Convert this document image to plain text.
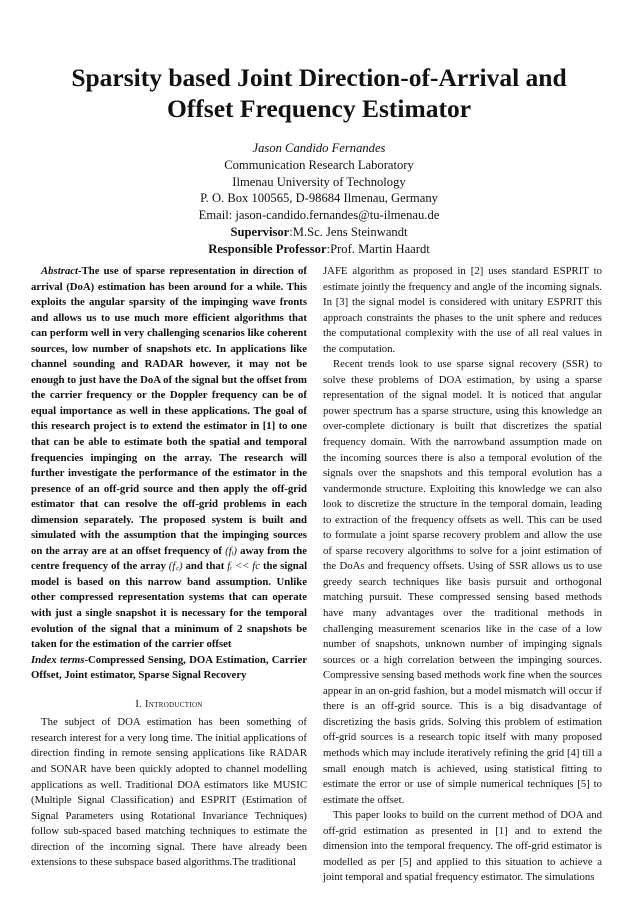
Sparsity based Joint Direction-of-Arrival and Offset Frequency Estimator
Jason Candido Fernandes
Communication Research Laboratory
Ilmenau University of Technology
P. O. Box 100565, D-98684 Ilmenau, Germany
Email: jason-candido.fernandes@tu-ilmenau.de
Supervisor:M.Sc. Jens Steinwandt
Responsible Professor:Prof. Martin Haardt

Abstract-The use of sparse representation in direction of arrival (DoA) estimation has been around for a while. This exploits the angular sparsity of the impinging wave fronts and allows us to use much more efficient algorithms that can perform well in very challenging scenarios like coherent sources, low number of snapshots etc. In applications like channel sounding and RADAR however, it may not be enough to just have the DoA of the signal but the offset from the carrier frequency or the Doppler frequency can be of equal importance as well in these applications. The goal of this research project is to extend the estimator in [1] to one that can be able to estimate both the spatial and temporal frequencies impinging on the array. The research will further investigate the performance of the estimator in the presence of an off-grid source and then apply the off-grid estimator that can resolve the off-grid problems in each dimension separately. The proposed system is built and simulated with the assumption that the impinging sources on the array are at an offset frequency of (fᵢ) away from the centre frequency of the array (f꜀) and that fᵢ << fc the signal model is based on this narrow band assumption. Unlike other compressed representation systems that can operate with just a single snapshot it is necessary for the temporal evolution of the signal that a minimum of 2 snapshots be taken for the estimation of the carrier offset

Index terms-Compressed Sensing, DOA Estimation, Carrier Offset, Joint estimator, Sparse Signal Recovery

I. Introduction

The subject of DOA estimation has been something of research interest for a very long time. The initial applications of direction finding in remote sensing applications like RADAR and SONAR have been quickly adopted to channel modelling applications as well. Traditional DOA estimators like MUSIC (Multiple Signal Classification) and ESPRIT (Estimation of Signal Parameters using Rotational Invariance Techniques) follow sub-spaced based matching techniques to estimate the direction of the incoming signal. There have already been extensions to these subspace based algorithms.The traditional

JAFE algorithm as proposed in [2] uses standard ESPRIT to estimate jointly the frequency and angle of the incoming signals. In [3] the signal model is considered with unitary ESPRIT this approach constraints the phases to the unit sphere and reduces the computational complexity with the use of all real values in the computation.

Recent trends look to use sparse signal recovery (SSR) to solve these problems of DOA estimation, by using a sparse representation of the signal model. It is noticed that angular power spectrum has a sparse structure, using this knowledge an over-complete dictionary is built that discretizes the spatial frequency domain. With the narrowband assumption made on the incoming sources there is also a temporal evolution of the signals over the snapshots and this temporal evolution has a vandermonde structure. Exploiting this knowledge we can also look to discretize the structure in the temporal domain, leading to extraction of the frequency offsets as well. This can be used to formulate a joint sparse recovery problem and allow the use of sparse recovery algorithms to solve for a joint estimation of the DoAs and frequency offsets. Using of SSR allows us to use greedy search techniques like basis pursuit and orthogonal matching pursuit. These compressed sensing based methods have many advantages over the traditional methods in challenging measurement scenarios like in the case of a low number of snapshots, unknown number of impinging signals sources or a high correlation between the impinging sources. Compressive sensing based methods work fine when the sources appear in an on-grid fashion, but a model mismatch will occur if there is an off-grid source. This is a big disadvantage of discretizing the basis grids. Solving this problem of estimation off-grid sources is a research topic itself with many proposed methods which may include iteratively refining the grid [4] till a small enough match is achieved, using statistical fitting to estimate the error or use of simple numerical techniques [5] to estimate the offset.

This paper looks to build on the current method of DOA and off-grid estimation as presented in [1] and to extend the dimension into the temporal frequency. The off-grid estimator is modelled as per [5] and applied to this situation to achieve a joint temporal and spatial frequency estimator. The simulations
